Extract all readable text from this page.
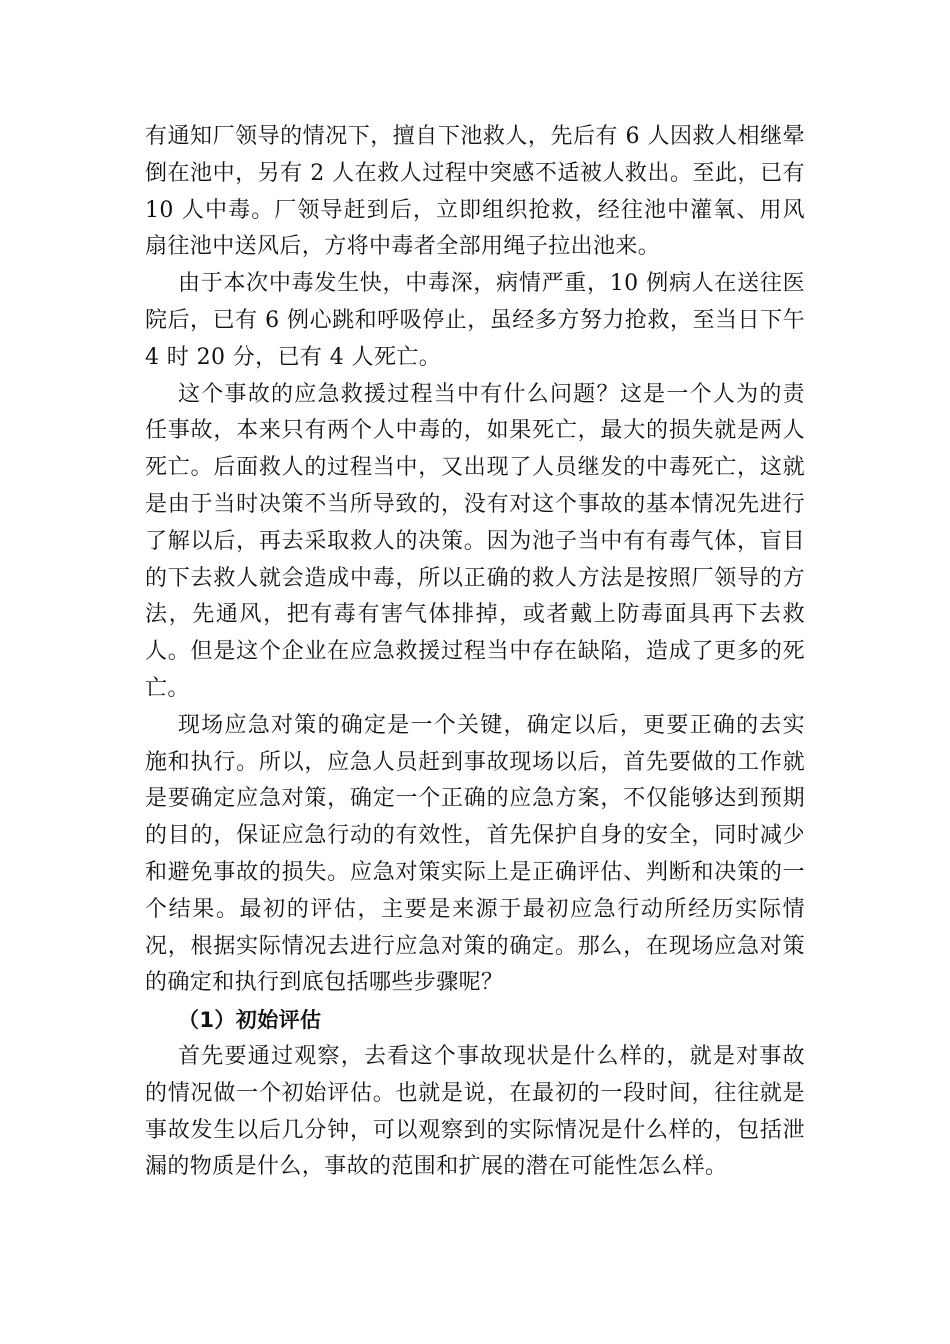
有通知厂领导的情况下，擅自下池救人，先后有 6 人因救人相继晕倒在池中，另有 2 人在救人过程中突感不适被人救出。至此，已有 10 人中毒。厂领导赶到后，立即组织抢救，经往池中灌氧、用风扇往池中送风后，方将中毒者全部用绳子拉出池来。

由于本次中毒发生快，中毒深，病情严重，10 例病人在送往医院后，已有 6 例心跳和呼吸停止，虽经多方努力抢救，至当日下午 4 时 20 分，已有 4 人死亡。

这个事故的应急救援过程当中有什么问题？这是一个人为的责任事故，本来只有两个人中毒的，如果死亡，最大的损失就是两人死亡。后面救人的过程当中，又出现了人员继发的中毒死亡，这就是由于当时决策不当所导致的，没有对这个事故的基本情况先进行了解以后，再去采取救人的决策。因为池子当中有有毒气体，盲目的下去救人就会造成中毒，所以正确的救人方法是按照厂领导的方法，先通风，把有毒有害气体排掉，或者戴上防毒面具再下去救人。但是这个企业在应急救援过程当中存在缺陷，造成了更多的死亡。

现场应急对策的确定是一个关键，确定以后，更要正确的去实施和执行。所以，应急人员赶到事故现场以后，首先要做的工作就是要确定应急对策，确定一个正确的应急方案，不仅能够达到预期的目的，保证应急行动的有效性，首先保护自身的安全，同时减少和避免事故的损失。应急对策实际上是正确评估、判断和决策的一个结果。最初的评估，主要是来源于最初应急行动所经历实际情况，根据实际情况去进行应急对策的确定。那么，在现场应急对策的确定和执行到底包括哪些步骤呢？

（1）初始评估

首先要通过观察，去看这个事故现状是什么样的，就是对事故的情况做一个初始评估。也就是说，在最初的一段时间，往往就是事故发生以后几分钟，可以观察到的实际情况是什么样的，包括泄漏的物质是什么，事故的范围和扩展的潜在可能性怎么样。
